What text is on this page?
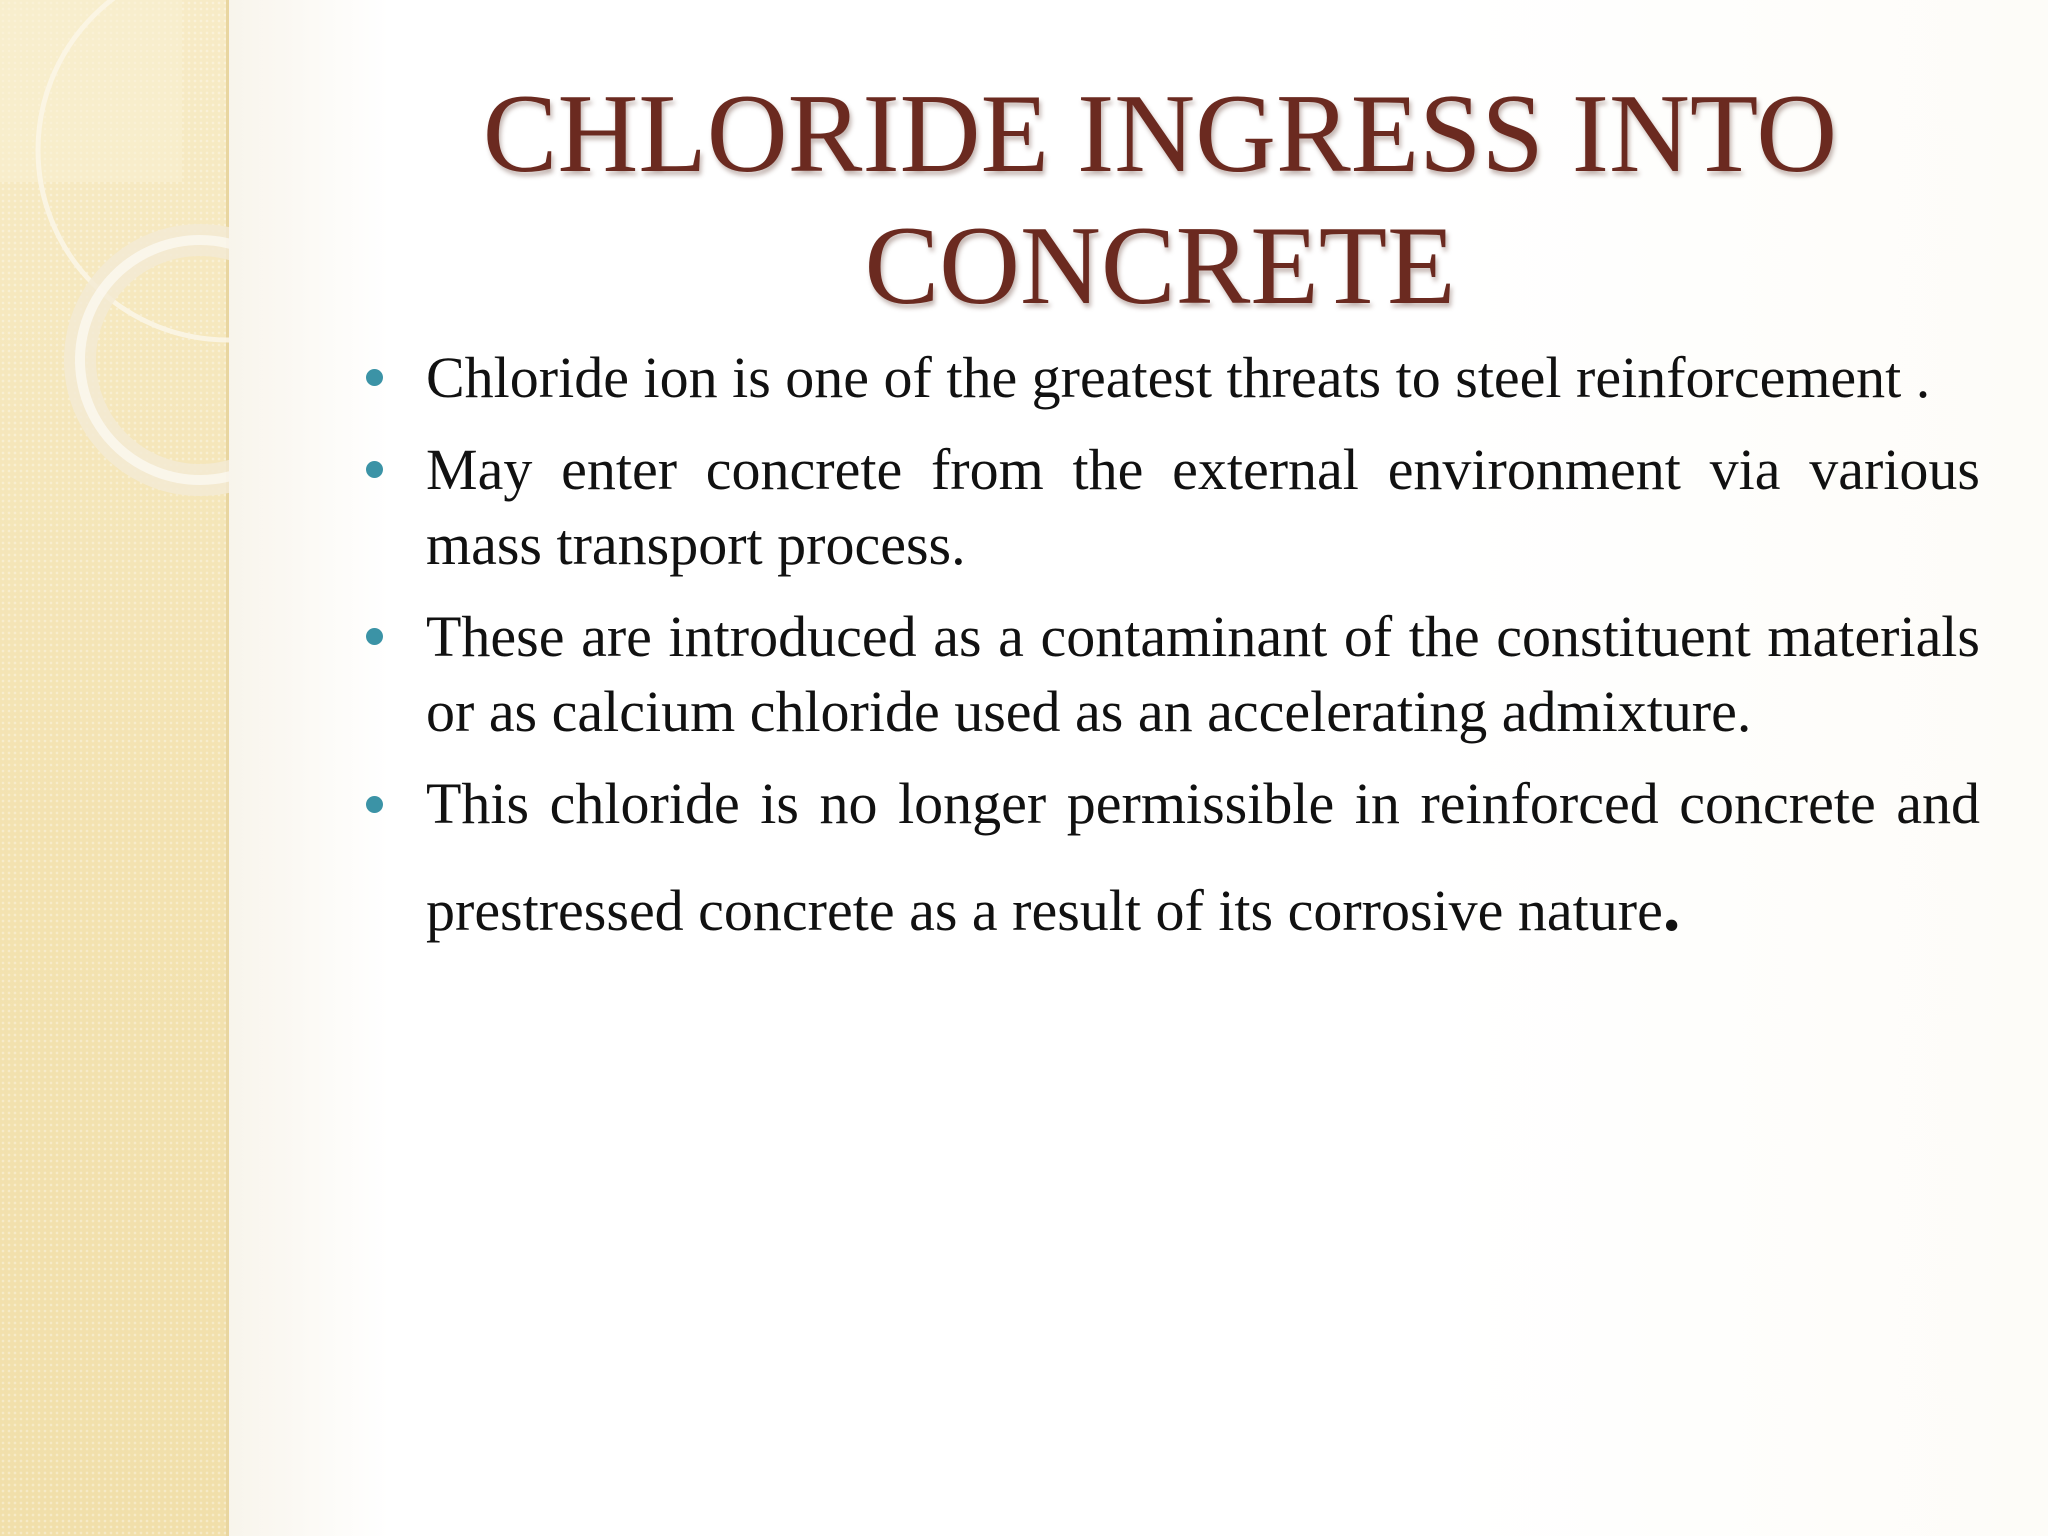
CHLORIDE INGRESS INTO CONCRETE
Chloride ion is one of the greatest threats to steel reinforcement .
May enter concrete from the external environment via various mass transport process.
These are introduced as a contaminant of the constituent materials or as calcium chloride used as an accelerating admixture.
This chloride is no longer permissible in reinforced concrete and prestressed concrete as a result of its corrosive nature.
